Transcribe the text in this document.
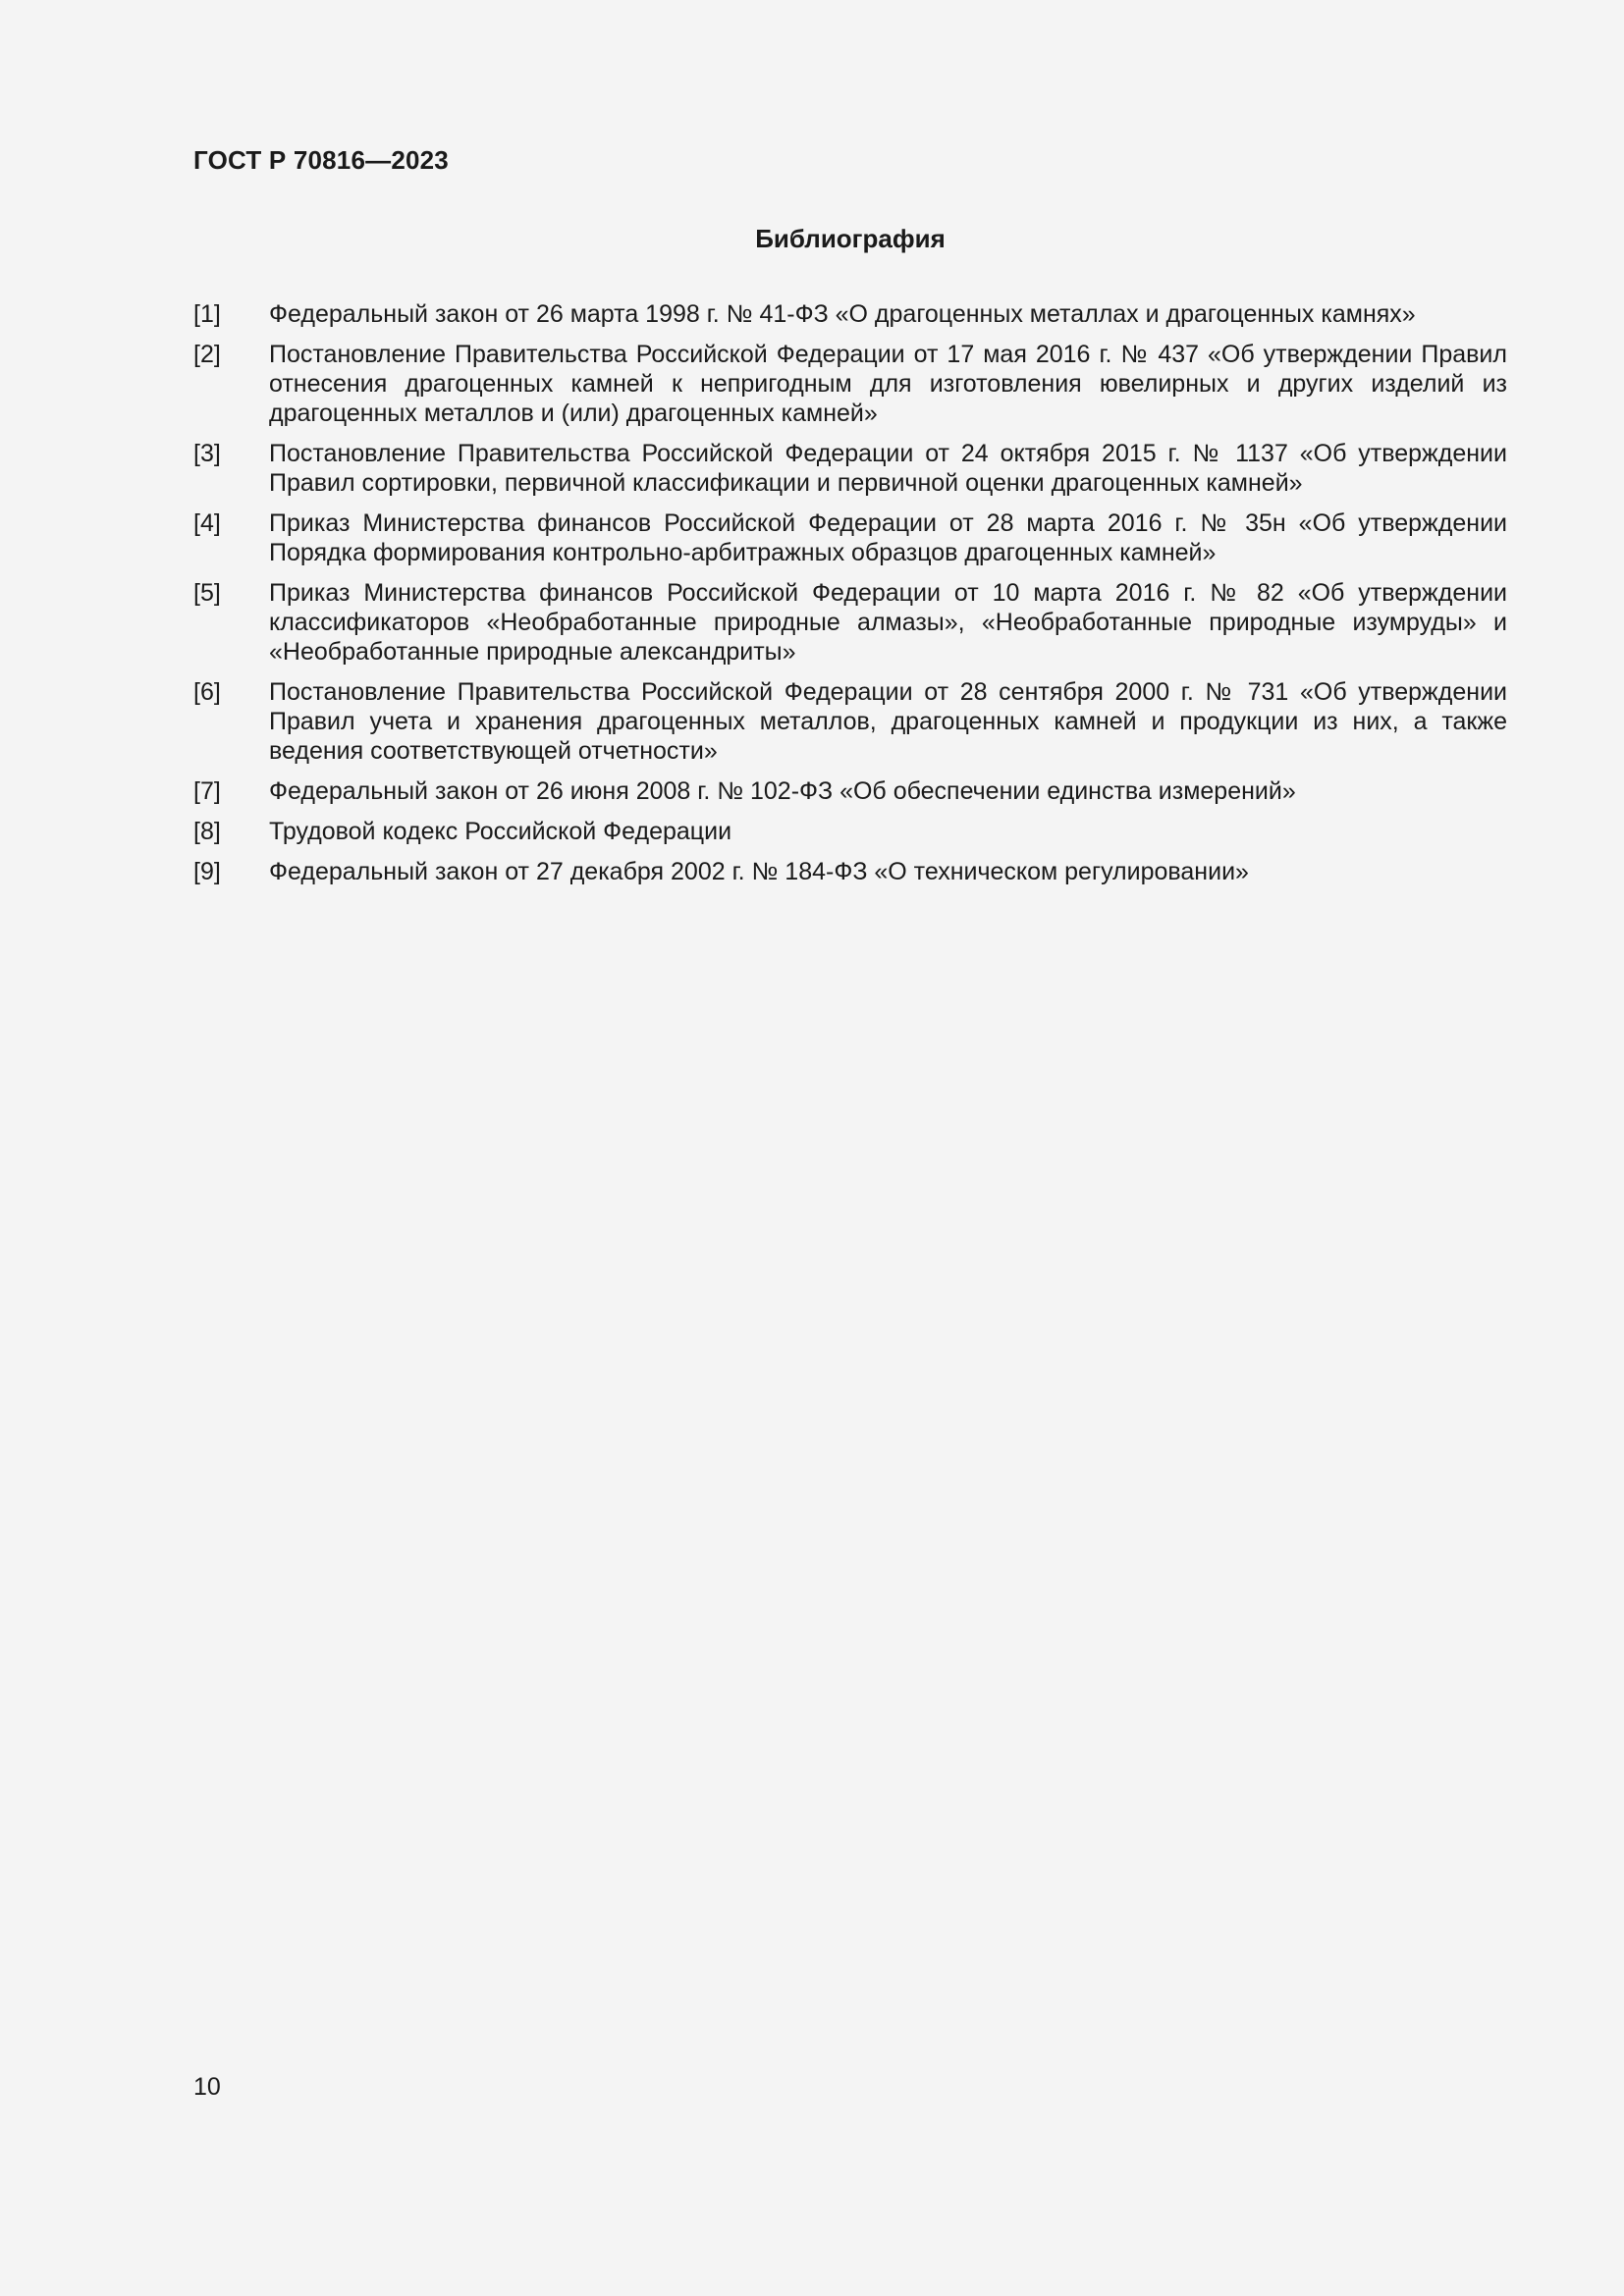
ГОСТ Р 70816—2023
Библиография
[1]	Федеральный закон от 26 марта 1998 г. № 41-ФЗ «О драгоценных металлах и драгоценных камнях»
[2]	Постановление Правительства Российской Федерации от 17 мая 2016 г. № 437 «Об утверждении Правил отнесения драгоценных камней к непригодным для изготовления ювелирных и других изделий из драгоценных металлов и (или) драгоценных камней»
[3]	Постановление Правительства Российской Федерации от 24 октября 2015 г. № 1137 «Об утверждении Правил сортировки, первичной классификации и первичной оценки драгоценных камней»
[4]	Приказ Министерства финансов Российской Федерации от 28 марта 2016 г. № 35н «Об утверждении Порядка формирования контрольно-арбитражных образцов драгоценных камней»
[5]	Приказ Министерства финансов Российской Федерации от 10 марта 2016 г. № 82 «Об утверждении классификаторов «Необработанные природные алмазы», «Необработанные природные изумруды» и «Необработанные природные александриты»
[6]	Постановление Правительства Российской Федерации от 28 сентября 2000 г. № 731 «Об утверждении Правил учета и хранения драгоценных металлов, драгоценных камней и продукции из них, а также ведения соответствующей отчетности»
[7]	Федеральный закон от 26 июня 2008 г. № 102-ФЗ «Об обеспечении единства измерений»
[8]	Трудовой кодекс Российской Федерации
[9]	Федеральный закон от 27 декабря 2002 г. № 184-ФЗ «О техническом регулировании»
10
